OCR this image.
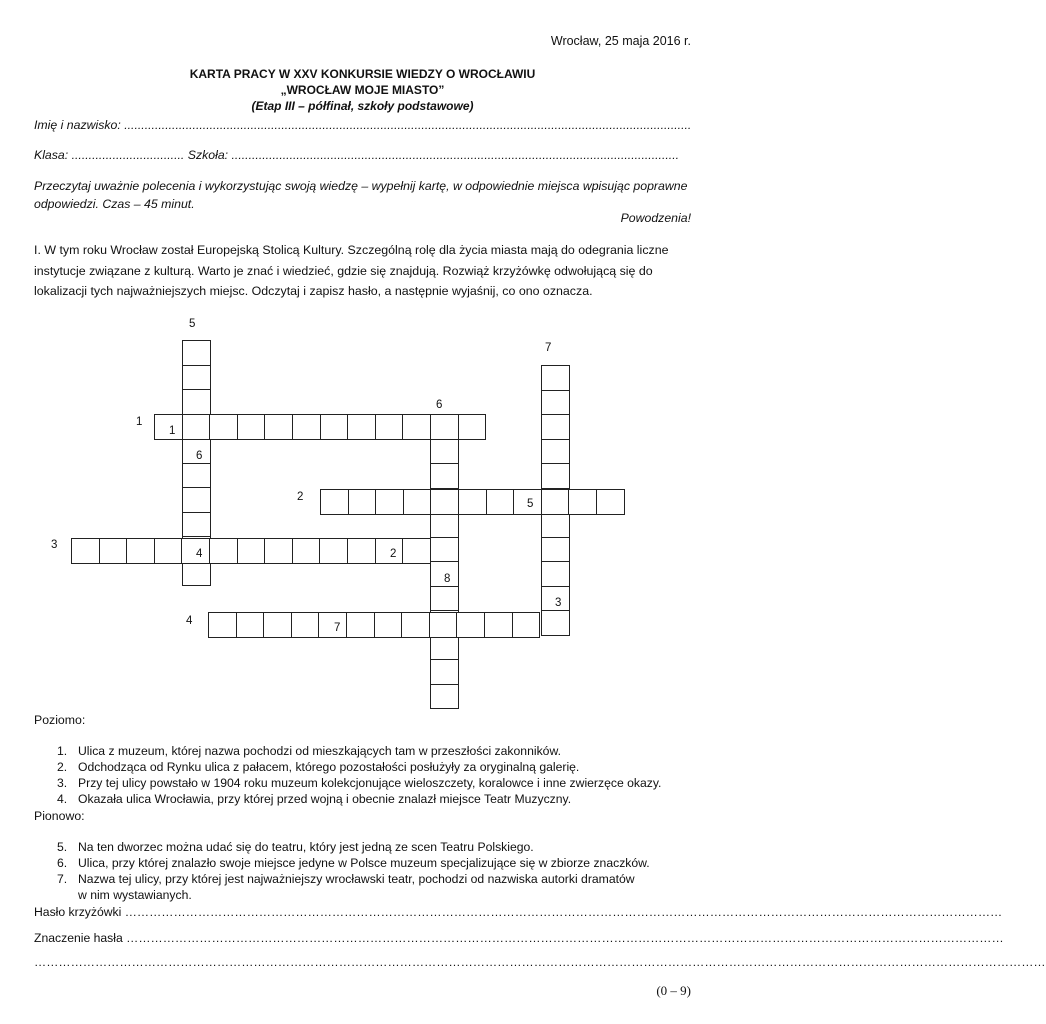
Wrocław, 25 maja 2016 r.
KARTA PRACY W XXV KONKURSIE WIEDZY O WROCŁAWIU
„WROCŁAW MOJE MIASTO”
(Etap III – półfinał, szkoły podstawowe)
Imię i nazwisko: ......................................................................................................................................................................
Klasa: ................................. Szkoła: ...................................................................................................................................
Przeczytaj uważnie polecenia i wykorzystując swoją wiedzę – wypełnij kartę, w odpowiednie miejsca wpisując poprawne odpowiedzi. Czas – 45 minut.
Powodzenia!
I. W tym roku Wrocław został Europejską Stolicą Kultury. Szczególną rolę dla życia miasta mają do odegrania liczne instytucje związane z kulturą. Warto je znać i wiedzieć, gdzie się znajdują. Rozwiąż krzyżówkę odwołującą się do lokalizacji tych najważniejszych miejsc. Odczytaj i zapisz hasło, a następnie wyjaśnij, co ono oznacza.
5
7
6
1
2
3
4
1
2
3
4
5
6
7
8
Poziomo:
1. Ulica z muzeum, której nazwa pochodzi od mieszkających tam w przeszłości zakonników.
2. Odchodząca od Rynku ulica z pałacem, którego pozostałości posłużyły za oryginalną galerię.
3. Przy tej ulicy powstało w 1904 roku muzeum kolekcjonujące wieloszczety, koralowce i inne zwierzęce okazy.
4. Okazała ulica Wrocławia, przy której przed wojną i obecnie znalazł miejsce Teatr Muzyczny.
Pionowo:
5. Na ten dworzec można udać się do teatru, który jest jedną ze scen Teatru Polskiego.
6. Ulica, przy której znalazło swoje miejsce jedyne w Polsce muzeum specjalizujące się w zbiorze znaczków.
7. Nazwa tej ulicy, przy której jest najważniejszy wrocławski teatr, pochodzi od nazwiska autorki dramatów
w nim wystawianych.
Hasło krzyżówki ………………………………………………………………………………………………………………………………………………………………………………………………
Znaczenie hasła ………………………………………………………………………………………………………………………………………………………………………………………………
……………………………………………………………………………………………………………………………………………………………………………………………………………………………
(0 – 9)
